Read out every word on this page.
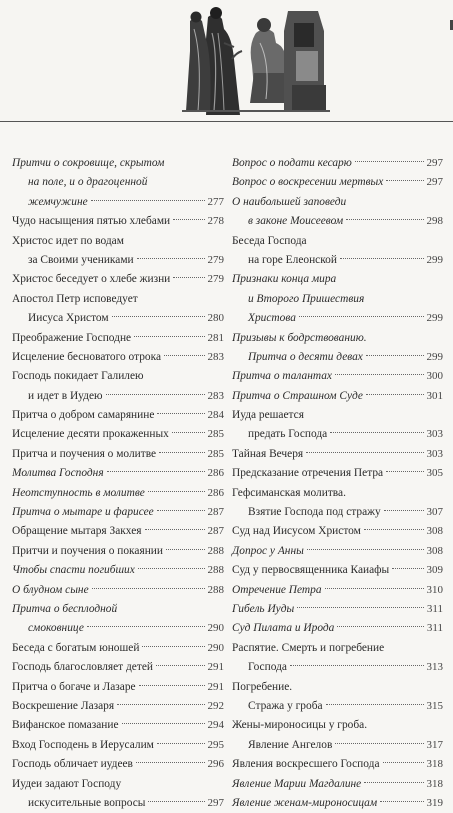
Притчи о сокровище, скрытом
на поле, и о драгоценной
жемчужине	277
Чудо насыщения пятью хлебами	278
Христос идет по водам
за Своими учениками	279
Христос беседует о хлебе жизни	279
Апостол Петр исповедует
Иисуса Христом	280
Преображение Господне	281
Исцеление бесноватого отрока	283
Господь покидает Галилею
и идет в Иудею	283
Притча о добром самарянине	284
Исцеление десяти прокаженных	285
Притча и поучения о молитве	285
Молитва Господня	286
Неотступность в молитве	286
Притча о мытаре и фарисее	287
Обращение мытаря Закхея	287
Притчи и поучения о покаянии	288
Чтобы спасти погибших	288
О блудном сыне	288
Притча о бесплодной
смоковнице	290
Беседа с богатым юношей	290
Господь благословляет детей	291
Притча о богаче и Лазаре	291
Воскрешение Лазаря	292
Вифанское помазание	294
Вход Господень в Иерусалим	295
Господь обличает иудеев	296
Иудеи задают Господу
искусительные вопросы	297
Вопрос о подати кесарю	297
Вопрос о воскресении мертвых	297
О наибольшей заповеди
в законе Моисеевом	298
Беседа Господа
на горе Елеонской	299
Признаки конца мира
и Второго Пришествия
Христова	299
Призывы к бодрствованию.
Притча о десяти девах	299
Притча о талантах	300
Притча о Страшном Суде	301
Иуда решается
предать Господа	303
Тайная Вечеря	303
Предсказание отречения Петра	305
Гефсиманская молитва.
Взятие Господа под стражу	307
Суд над Иисусом Христом	308
Допрос у Анны	308
Суд у первосвященника Каиафы	309
Отречение Петра	310
Гибель Иуды	311
Суд Пилата и Ирода	311
Распятие. Смерть и погребение
Господа	313
Погребение.
Стража у гроба	315
Жены-мироносицы у гроба.
Явление Ангелов	317
Явления воскресшего Господа	318
Явление Марии Магдалине	318
Явление женам-мироносицам	319
